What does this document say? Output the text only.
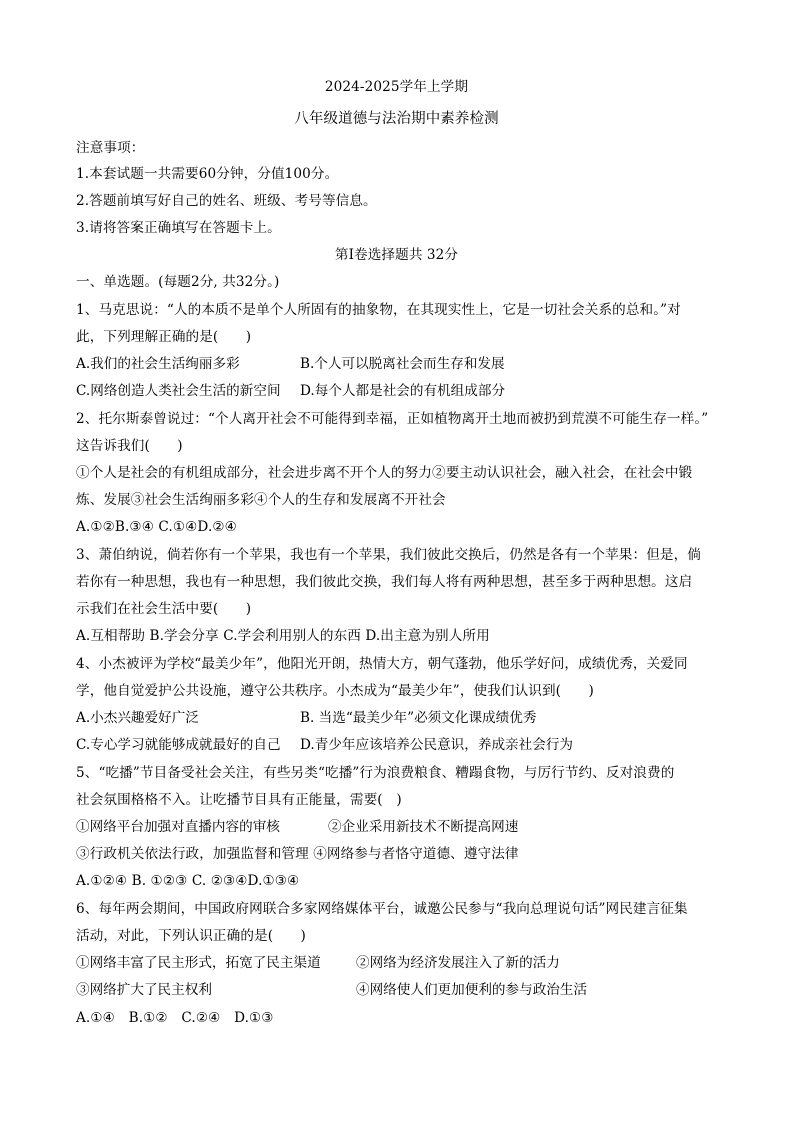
2024-2025学年上学期
八年级道德与法治期中素养检测
注意事项：
1.本套试题一共需要60分钟，分值100分。
2.答题前填写好自己的姓名、班级、考号等信息。
3.请将答案正确填写在答题卡上。
第Ⅰ卷选择题共 32分
一、单选题。(每题2分, 共32分。)
1、马克思说：“人的本质不是单个人所固有的抽象物，在其现实性上，它是一切社会关系的总和。”对
此，下列理解正确的是(　　)
A.我们的社会生活绚丽多彩	B.个人可以脱离社会而生存和发展
C.网络创造人类社会生活的新空间 D.每个人都是社会的有机组成部分
2、托尔斯泰曾说过：“个人离开社会不可能得到幸福，正如植物离开土地而被扔到荒漠不可能生存一样。”
这告诉我们(　　)
①个人是社会的有机组成部分，社会进步离不开个人的努力②要主动认识社会，融入社会，在社会中锻
炼、发展③社会生活绚丽多彩④个人的生存和发展离不开社会
A.①②B.③④ C.①④D.②④
3、萧伯纳说，倘若你有一个苹果，我也有一个苹果，我们彼此交换后，仍然是各有一个苹果：但是，倘
若你有一种思想，我也有一种思想，我们彼此交换，我们每人将有两种思想，甚至多于两种思想。这启
示我们在社会生活中要(　　)
A.互相帮助 B.学会分享 C.学会利用别人的东西 D.出主意为别人所用
4、小杰被评为学校“最美少年”，他阳光开朗，热情大方，朝气蓬勃，他乐学好问，成绩优秀，关爱同
学，他自觉爱护公共设施，遵守公共秩序。小杰成为“最美少年”，使我们认识到(　　)
A.小杰兴趣爱好广泛	B. 当选“最美少年”必须文化课成绩优秀
C.专心学习就能够成就最好的自己 D.青少年应该培养公民意识，养成亲社会行为
5、“吃播”节目备受社会关注，有些另类“吃播”行为浪费粮食、糟蹋食物，与厉行节约、反对浪费的
社会氛围格格不入。让吃播节目具有正能量，需要(　)
①网络平台加强对直播内容的审核	②企业采用新技术不断提高网速
③行政机关依法行政，加强监督和管理 ④网络参与者恪守道德、遵守法律
A.①②④ B. ①②③ C. ②③④D.①③④
6、每年两会期间，中国政府网联合多家网络媒体平台，诚邀公民参与“我向总理说句话”网民建言征集
活动，对此，下列认识正确的是(　　)
①网络丰富了民主形式，拓宽了民主渠道	②网络为经济发展注入了新的活力
③网络扩大了民主权利	④网络使人们更加便利的参与政治生活
A.①④　B.①②　C.②④　D.①③
